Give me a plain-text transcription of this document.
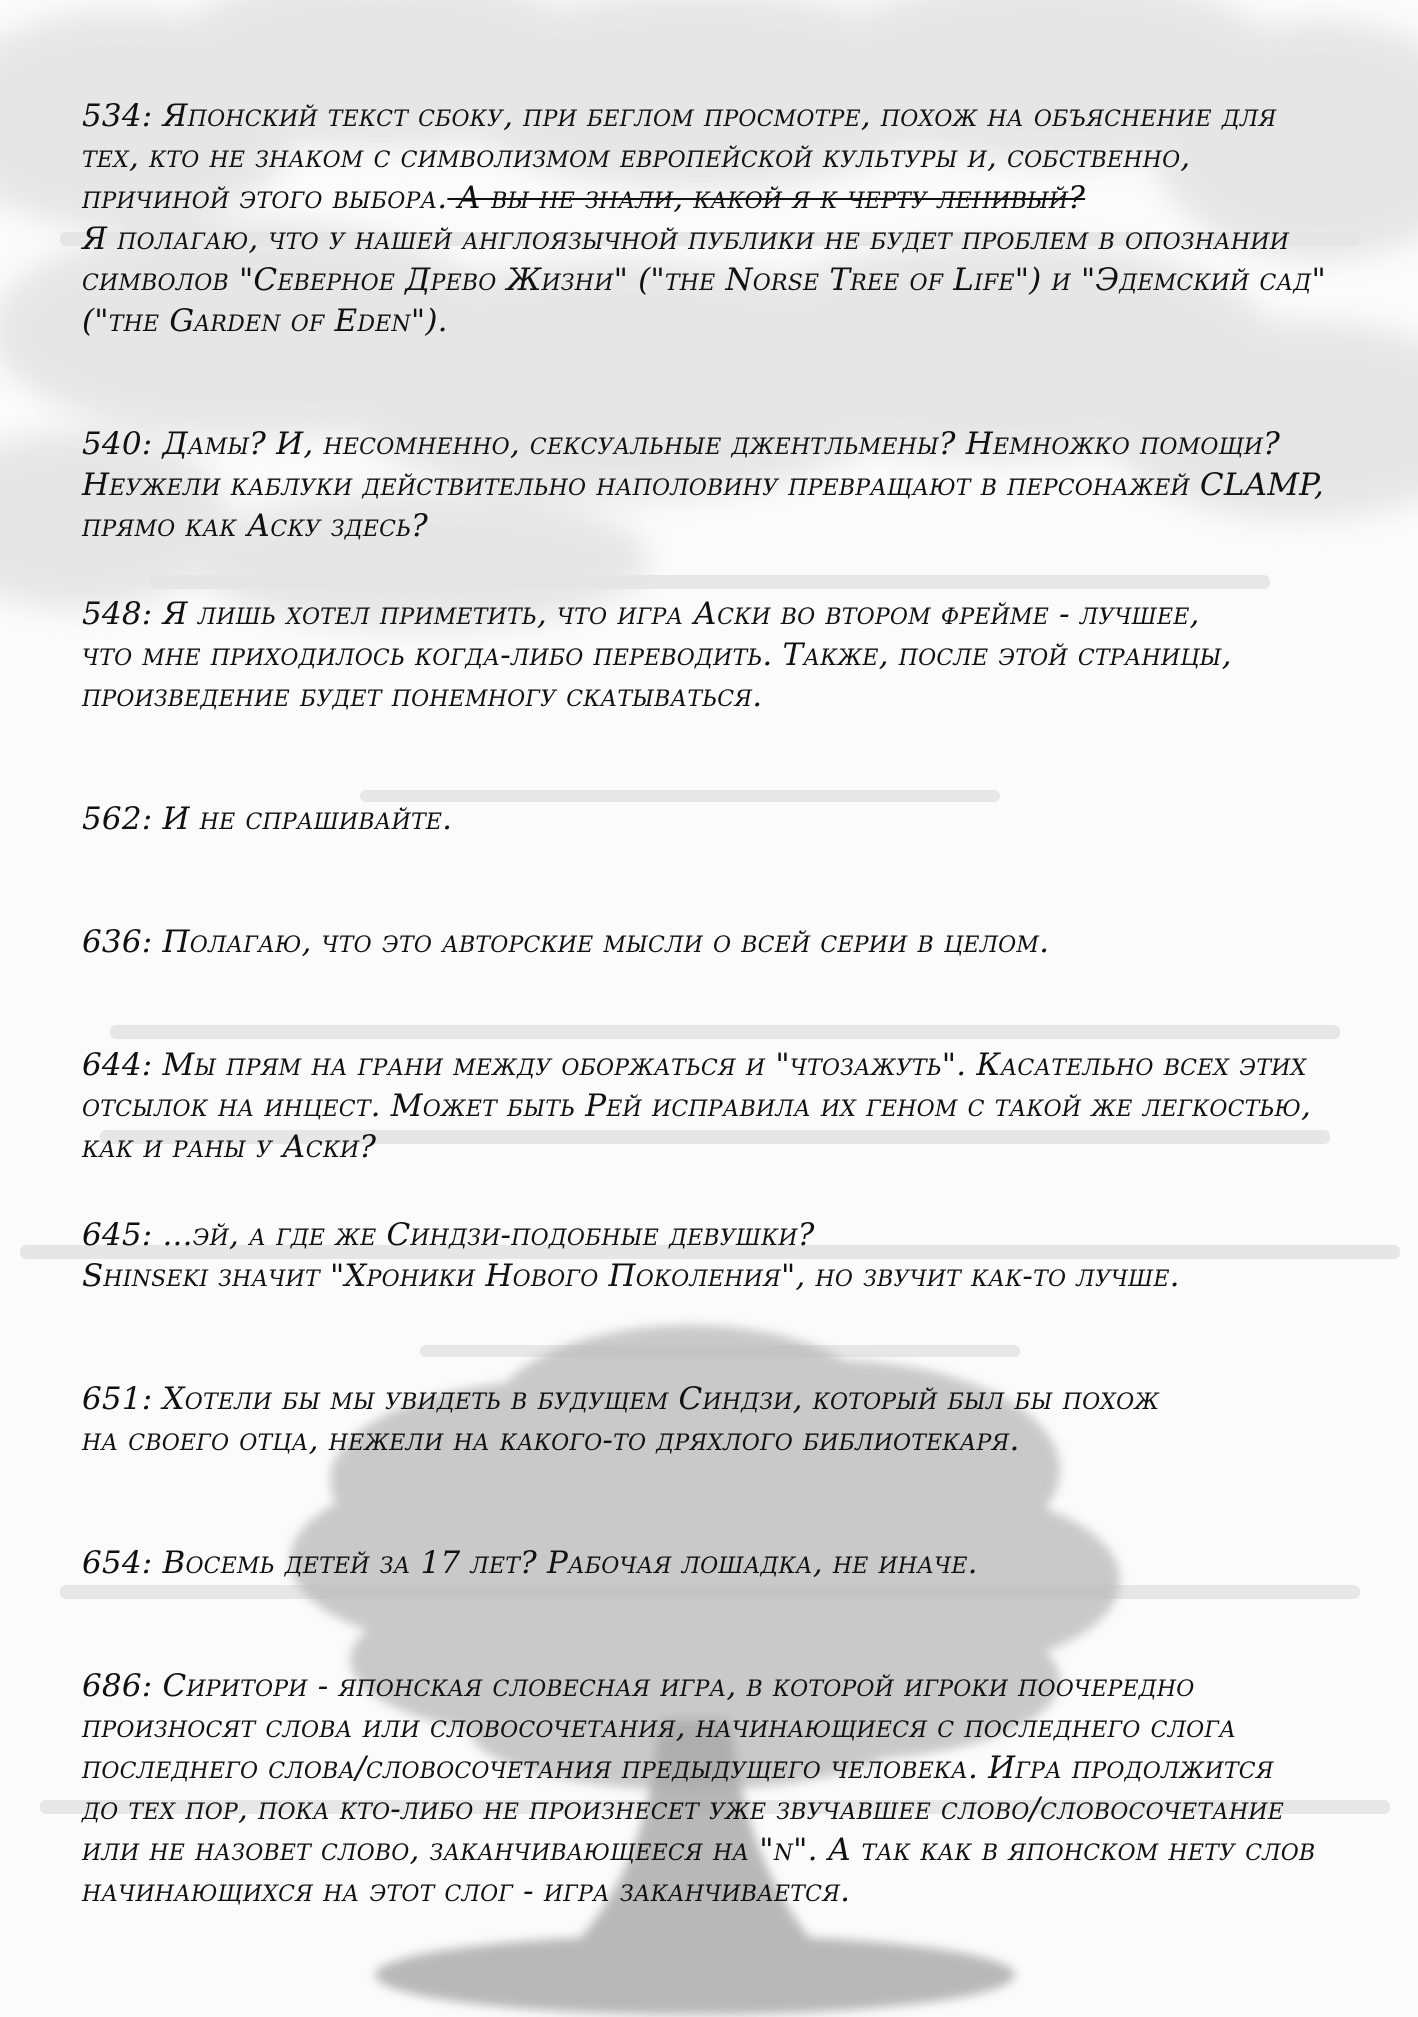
534: Японский текст сбоку, при беглом просмотре, похож на объяснение для
тех, кто не знаком с символизмом европейской культуры и, собственно,
причиной этого выбора. А вы не знали, какой я к черту ленивый?
Я полагаю, что у нашей англоязычной публики не будет проблем в опознании
символов "Северное Древо Жизни" ("the Norse Tree of Life") и "Эдемский сад"
("the Garden of Eden").
540: Дамы? И, несомненно, сексуальные джентльмены? Немножко помощи?
Неужели каблуки действительно наполовину превращают в персонажей CLAMP,
прямо как Аску здесь?
548: Я лишь хотел приметить, что игра Аски во втором фрейме - лучшее,
что мне приходилось когда-либо переводить. Также, после этой страницы,
произведение будет понемногу скатываться.
562: И не спрашивайте.
636: Полагаю, что это авторские мысли о всей серии в целом.
644: Мы прям на грани между оборжаться и "чтозажуть". Касательно всех этих
отсылок на инцест. Может быть Рей исправила их геном с такой же легкостью,
как и раны у Аски?
645: ...эй, а где же Синдзи-подобные девушки?
Shinseki значит "Хроники Нового Поколения", но звучит как-то лучше.
651: Хотели бы мы увидеть в будущем Синдзи, который был бы похож
на своего отца, нежели на какого-то дряхлого библиотекаря.
654: Восемь детей за 17 лет? Рабочая лошадка, не иначе.
686: Сиритори - японская словесная игра, в которой игроки поочередно
произносят слова или словосочетания, начинающиеся с последнего слога
последнего слова/словосочетания предыдущего человека. Игра продолжится
до тех пор, пока кто-либо не произнесет уже звучавшее слово/словосочетание
или не назовет слово, заканчивающееся на "n". А так как в японском нету слов
начинающихся на этот слог - игра заканчивается.
